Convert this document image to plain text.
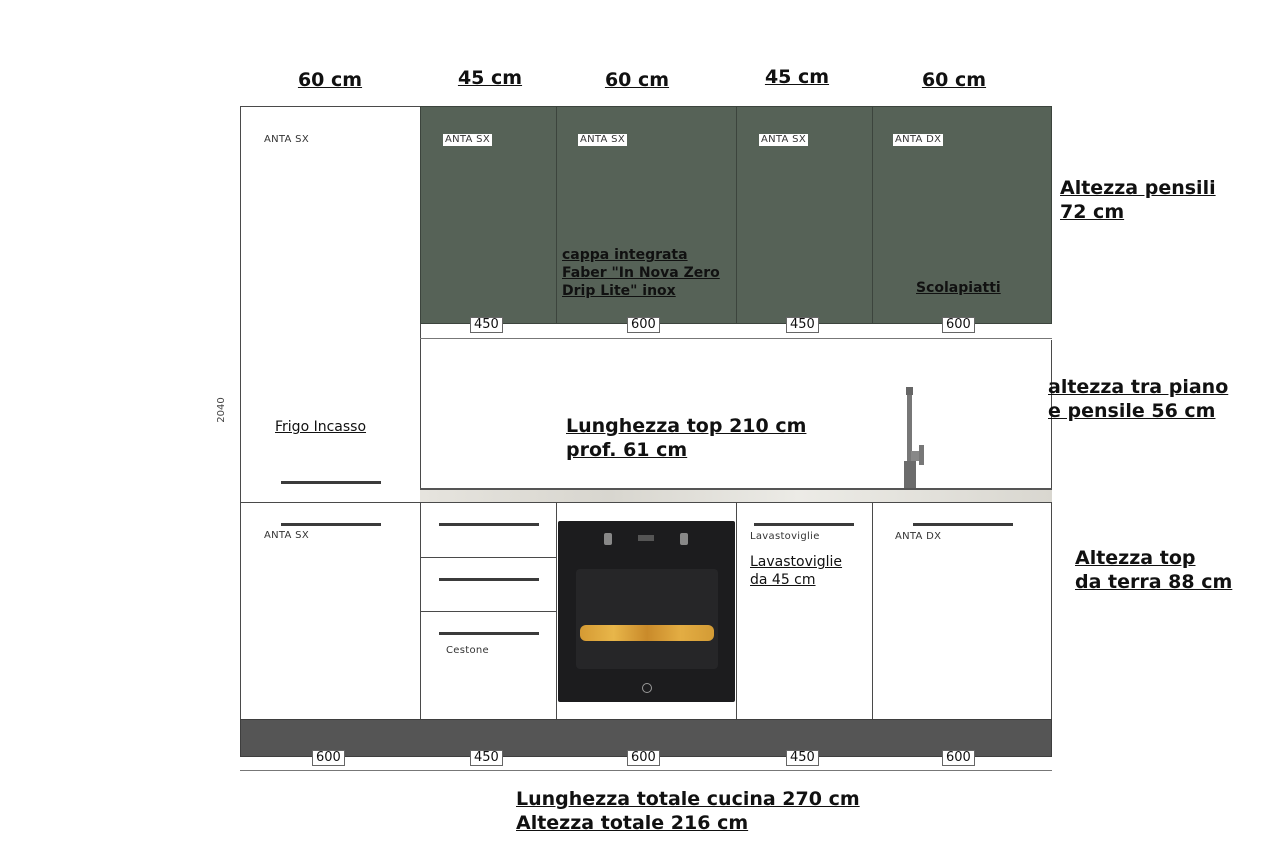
60 cm	45 cm	60 cm	45 cm	60 cm
ANTA SX
Frigo Incasso
2040
ANTA SX	ANTA SX
cappa integrata
Faber "In Nova Zero
Drip Lite" inox
ANTA SX	ANTA DX
Scolapiatti
450	600	450	600
Lunghezza top 210 cm
prof. 61 cm
ANTA SX
Cestone
Lavastoviglie
Lavastoviglie
da 45 cm
ANTA DX
600	450	600	450	600
Altezza pensili
72 cm
altezza tra piano
e pensile 56 cm
Altezza top
da terra 88 cm
Lunghezza totale cucina 270 cm
Altezza totale 216 cm
